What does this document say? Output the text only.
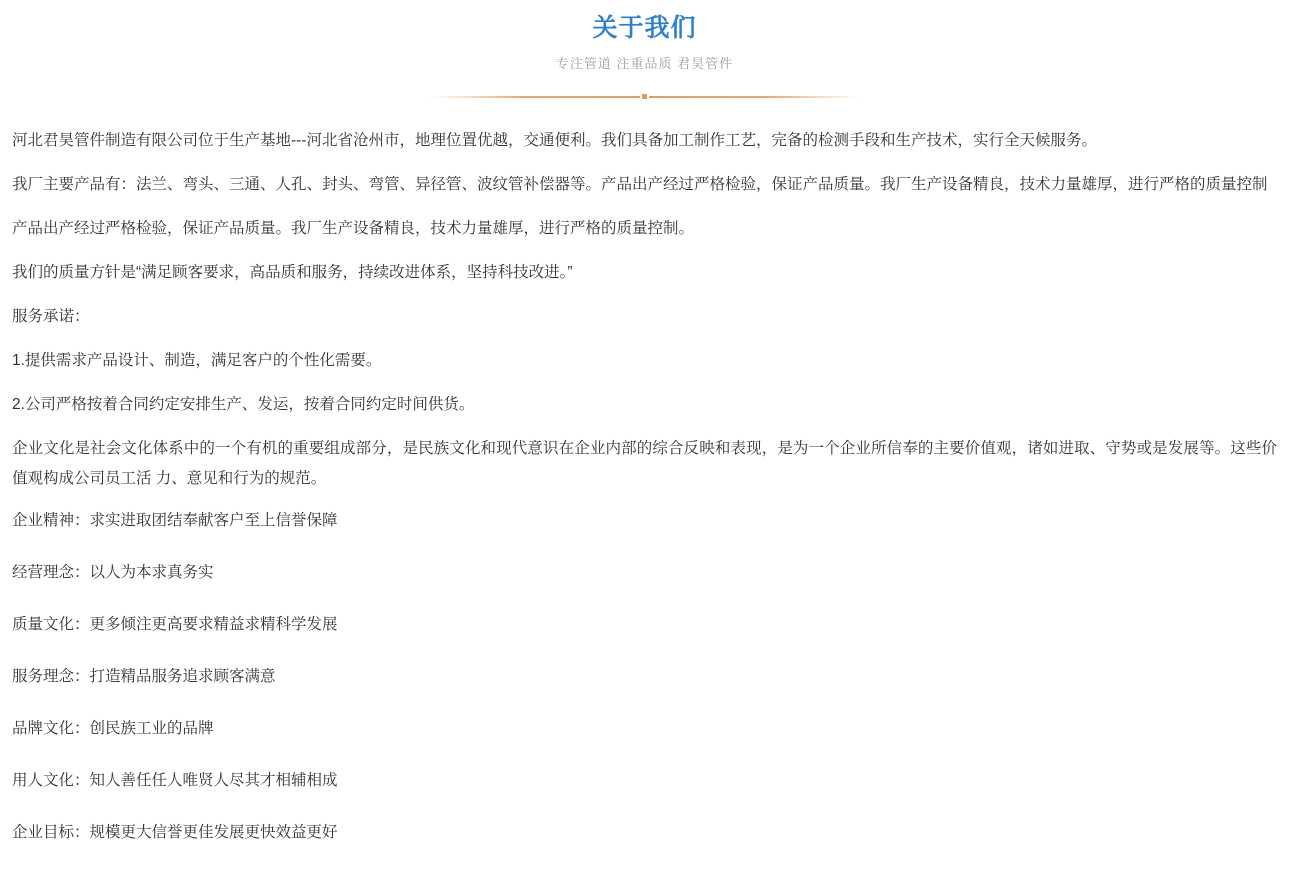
关于我们
专注管道 注重品质 君昊管件

河北君昊管件制造有限公司位于生产基地---河北省沧州市，地理位置优越，交通便利。我们具备加工制作工艺，完备的检测手段和生产技术，实行全天候服务。

我厂主要产品有：法兰、弯头、三通、人孔、封头、弯管、异径管、波纹管补偿器等。产品出产经过严格检验，保证产品质量。我厂生产设备精良，技术力量雄厚，进行严格的质量控制

产品出产经过严格检验，保证产品质量。我厂生产设备精良，技术力量雄厚，进行严格的质量控制。

我们的质量方针是“满足顾客要求，高品质和服务，持续改进体系，坚持科技改进。”

服务承诺：

1.提供需求产品设计、制造，满足客户的个性化需要。

2.公司严格按着合同约定安排生产、发运，按着合同约定时间供货。

企业文化是社会文化体系中的一个有机的重要组成部分，是民族文化和现代意识在企业内部的综合反映和表现，是为一个企业所信奉的主要价值观，诸如进取、守势或是发展等。这些价值观构成公司员工活 力、意见和行为的规范。

企业精神：求实进取团结奉献客户至上信誉保障
经营理念：以人为本求真务实
质量文化：更多倾注更高要求精益求精科学发展
服务理念：打造精品服务追求顾客满意
品牌文化：创民族工业的品牌
用人文化：知人善任任人唯贤人尽其才相辅相成
企业目标：规模更大信誉更佳发展更快效益更好
